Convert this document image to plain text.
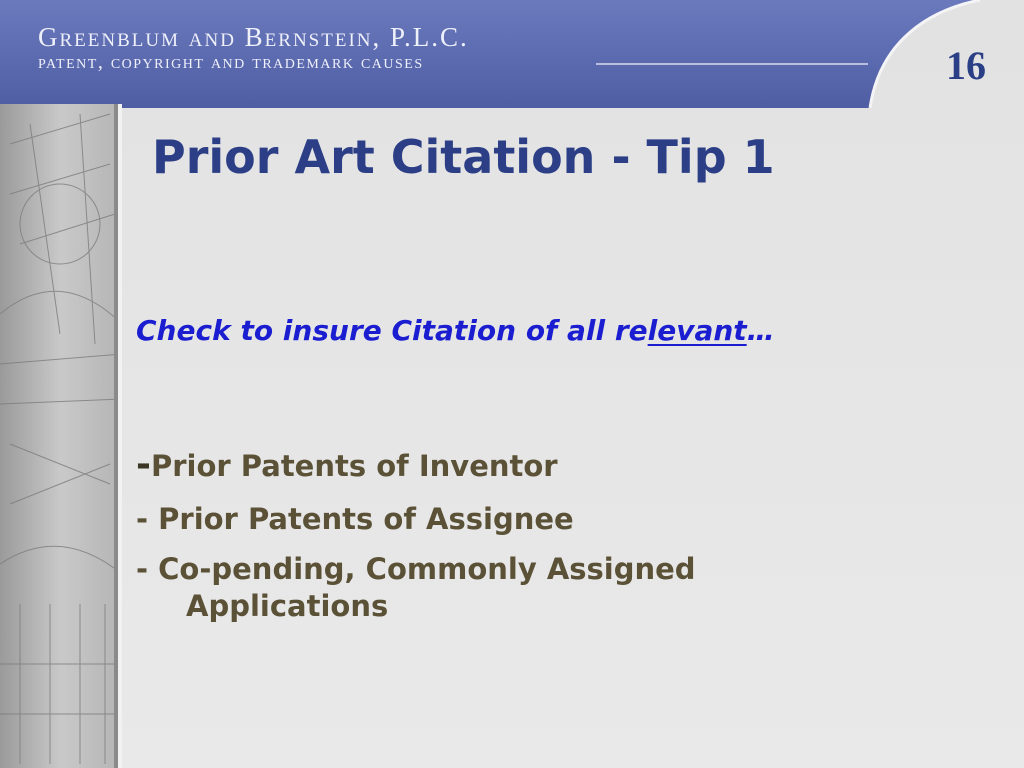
Greenblum and Bernstein, P.L.C.
patent, copyright and trademark causes	16
Prior Art Citation - Tip 1
Check to insure Citation of all relevant…
-Prior Patents of Inventor
- Prior Patents of Assignee
- Co-pending, Commonly Assigned
Applications
